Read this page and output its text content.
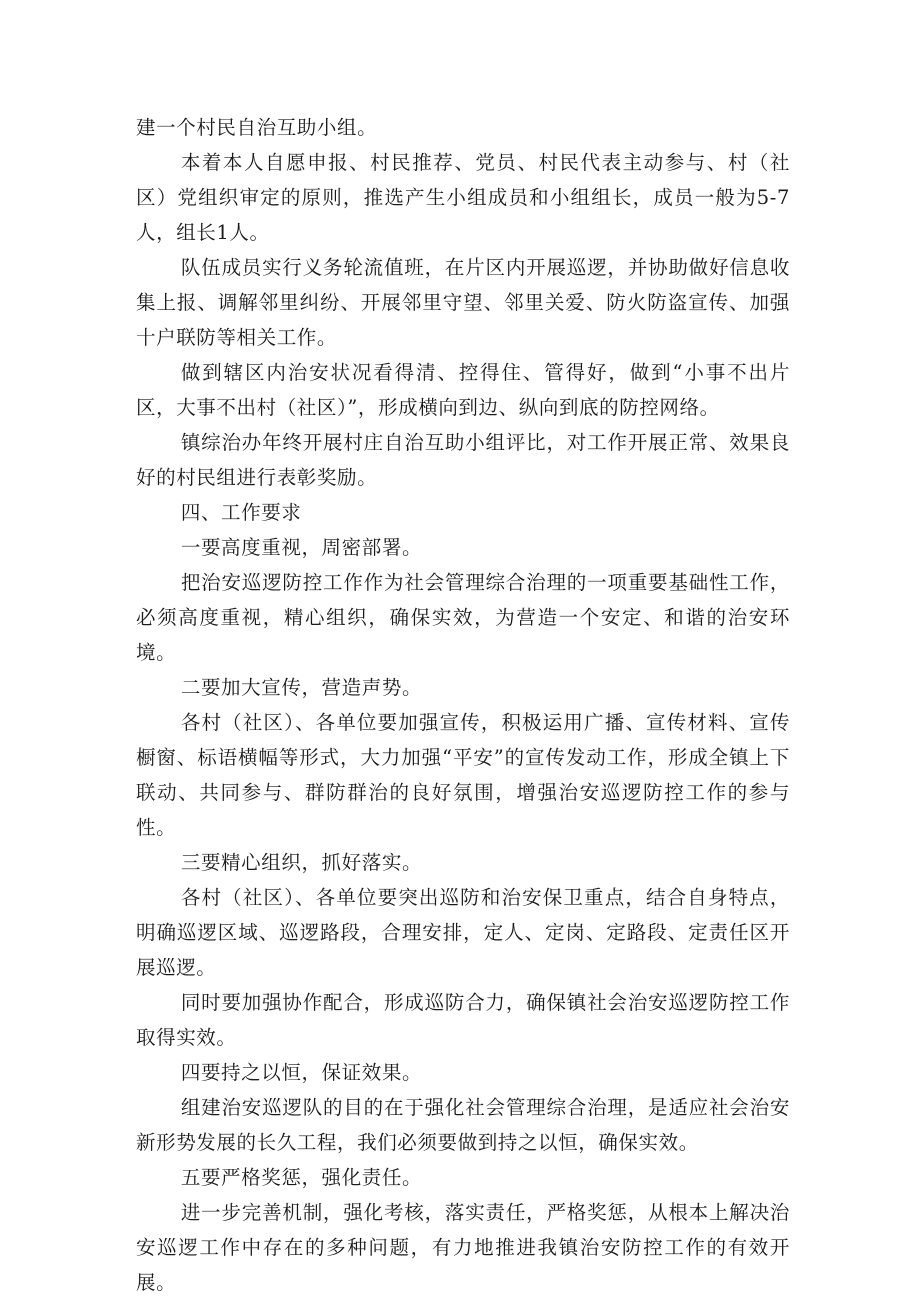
建一个村民自治互助小组。

本着本人自愿申报、村民推荐、党员、村民代表主动参与、村（社区）党组织审定的原则，推选产生小组成员和小组组长，成员一般为5-7人，组长1人。

队伍成员实行义务轮流值班，在片区内开展巡逻，并协助做好信息收集上报、调解邻里纠纷、开展邻里守望、邻里关爱、防火防盗宣传、加强十户联防等相关工作。

做到辖区内治安状况看得清、控得住、管得好，做到“小事不出片区，大事不出村（社区）”，形成横向到边、纵向到底的防控网络。

镇综治办年终开展村庄自治互助小组评比，对工作开展正常、效果良好的村民组进行表彰奖励。

四、工作要求

一要高度重视，周密部署。

把治安巡逻防控工作作为社会管理综合治理的一项重要基础性工作，必须高度重视，精心组织，确保实效，为营造一个安定、和谐的治安环境。

二要加大宣传，营造声势。

各村（社区）、各单位要加强宣传，积极运用广播、宣传材料、宣传橱窗、标语横幅等形式，大力加强“平安”的宣传发动工作，形成全镇上下联动、共同参与、群防群治的良好氛围，增强治安巡逻防控工作的参与性。

三要精心组织，抓好落实。

各村（社区）、各单位要突出巡防和治安保卫重点，结合自身特点，明确巡逻区域、巡逻路段，合理安排，定人、定岗、定路段、定责任区开展巡逻。

同时要加强协作配合，形成巡防合力，确保镇社会治安巡逻防控工作取得实效。

四要持之以恒，保证效果。

组建治安巡逻队的目的在于强化社会管理综合治理，是适应社会治安新形势发展的长久工程，我们必须要做到持之以恒，确保实效。

五要严格奖惩，强化责任。

进一步完善机制，强化考核，落实责任，严格奖惩，从根本上解决治安巡逻工作中存在的多种问题，有力地推进我镇治安防控工作的有效开展。
